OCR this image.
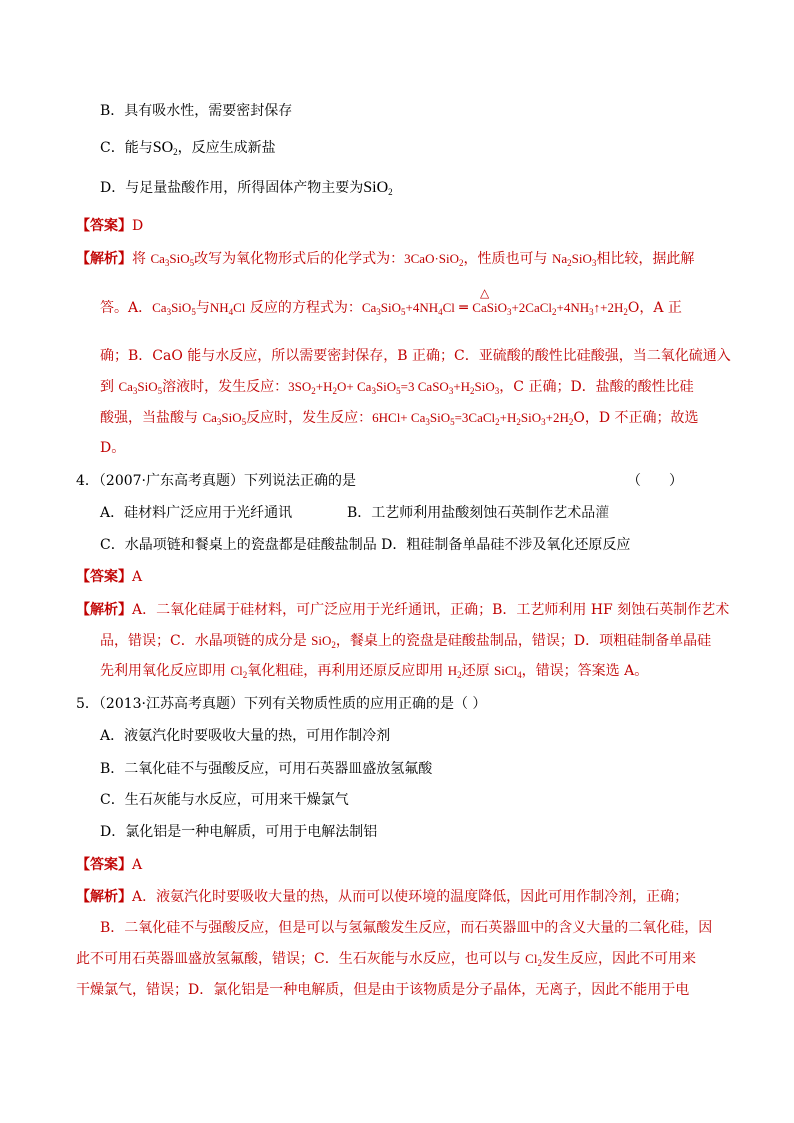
B．具有吸水性，需要密封保存
C．能与$SO_2$，反应生成新盐
D．与足量盐酸作用，所得固体产物主要为SiO$_2$
【答案】D
【解析】将 $Ca_3SiO_5$改写为氧化物形式后的化学式为：3CaO·SiO$_2$，性质也可与 $Na_2SiO_3$相比较，据此解
△
答。A．$Ca_3SiO_5$与$NH_4Cl$ 反应的方程式为：$Ca_3SiO_5+4NH_4Cl$ ═ $CaSiO_3+2CaCl_2+4NH_3↑+2H_2O$，A 正
确；B．CaO 能与水反应，所以需要密封保存，B 正确；C．亚硫酸的酸性比硅酸强，当二氧化硫通入
到 $Ca_3SiO_5$溶液时，发生反应：$3SO_2+H_2O+ Ca_3SiO_5=3$ $CaSO_3+H_2SiO_3$，C 正确；D．盐酸的酸性比硅
酸强，当盐酸与 $Ca_3SiO_5$反应时，发生反应：$6HCl+ Ca_3SiO_5=3CaCl_2+H_2SiO_3+2H_2O$，D 不正确；故选
D。
4．（2007·广东高考真题）下列说法正确的是	（　　）
A．硅材料广泛应用于光纤通讯	B．工艺师利用盐酸刻蚀石英制作艺术品灌
C．水晶项链和餐桌上的瓷盘都是硅酸盐制品 D．粗硅制备单晶硅不涉及氧化还原反应
【答案】A
【解析】A．二氧化硅属于硅材料，可广泛应用于光纤通讯，正确；B．工艺师利用 HF 刻蚀石英制作艺术
品，错误；C．水晶项链的成分是 SiO$_2$，餐桌上的瓷盘是硅酸盐制品，错误；D．项粗硅制备单晶硅
先利用氧化反应即用 $Cl_2$氧化粗硅，再利用还原反应即用 $H_2$还原 SiCl$_4$，错误；答案选 A。
5．（2013·江苏高考真题）下列有关物质性质的应用正确的是（ ）
A．液氨汽化时要吸收大量的热，可用作制冷剂
B．二氧化硅不与强酸反应，可用石英器皿盛放氢氟酸
C．生石灰能与水反应，可用来干燥氯气
D．氯化铝是一种电解质，可用于电解法制铝
【答案】A
【解析】A．液氨汽化时要吸收大量的热，从而可以使环境的温度降低，因此可用作制冷剂，正确；
B．二氧化硅不与强酸反应，但是可以与氢氟酸发生反应，而石英器皿中的含义大量的二氧化硅，因
此不可用石英器皿盛放氢氟酸，错误；C．生石灰能与水反应，也可以与 $Cl_2$发生反应，因此不可用来
干燥氯气，错误；D．氯化铝是一种电解质，但是由于该物质是分子晶体，无离子，因此不能用于电
